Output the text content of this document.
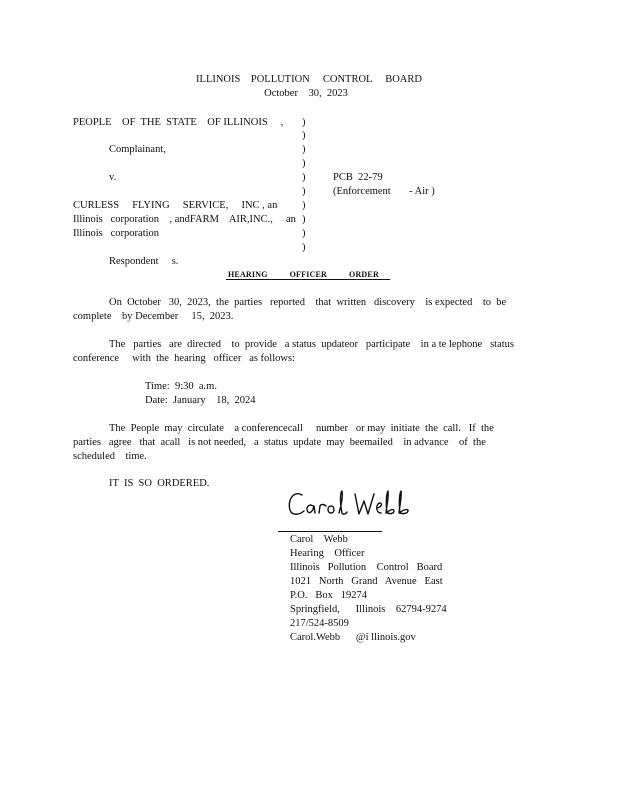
ILLINOIS    POLLUTION     CONTROL     BOARD
October    30,  2023
PEOPLE    OF  THE  STATE    OF ILLINOIS     ,
Complainant,
v.
CURLESS     FLYING     SERVICE,     INC , an
Illinois   corporation    , andFARM    AIR,INC.,     an
Illinois   corporation
Respondent     s.
)
)
)
)
)
)
)
)
)
)
PCB  22-79
(Enforcement       - Air )
HEARING          OFFICER          ORDER
On  October   30,  2023,  the  parties   reported    that  written   discovery    is expected    to  be
complete    by December     15,  2023.
The   parties   are  directed    to  provide   a status  updateor   participate    in a te lephone   status
conference     with  the  hearing   officer   as follows:
Time:  9:30  a.m.
Date:  January    18,  2024
The  People  may  circulate    a conferencecall     number   or may  initiate  the  call.   If  the
parties   agree   that  acall   is not needed,   a  status  update  may  beemailed    in advance    of  the
scheduled    time.
IT  IS  SO  ORDERED.
Carol    Webb
Hearing    Officer
Illinois   Pollution    Control   Board
1021   North   Grand   Avenue   East
P.O.   Box   19274
Springfield,      Illinois    62794-9274
217/524-8509
Carol.Webb      @i llinois.gov
